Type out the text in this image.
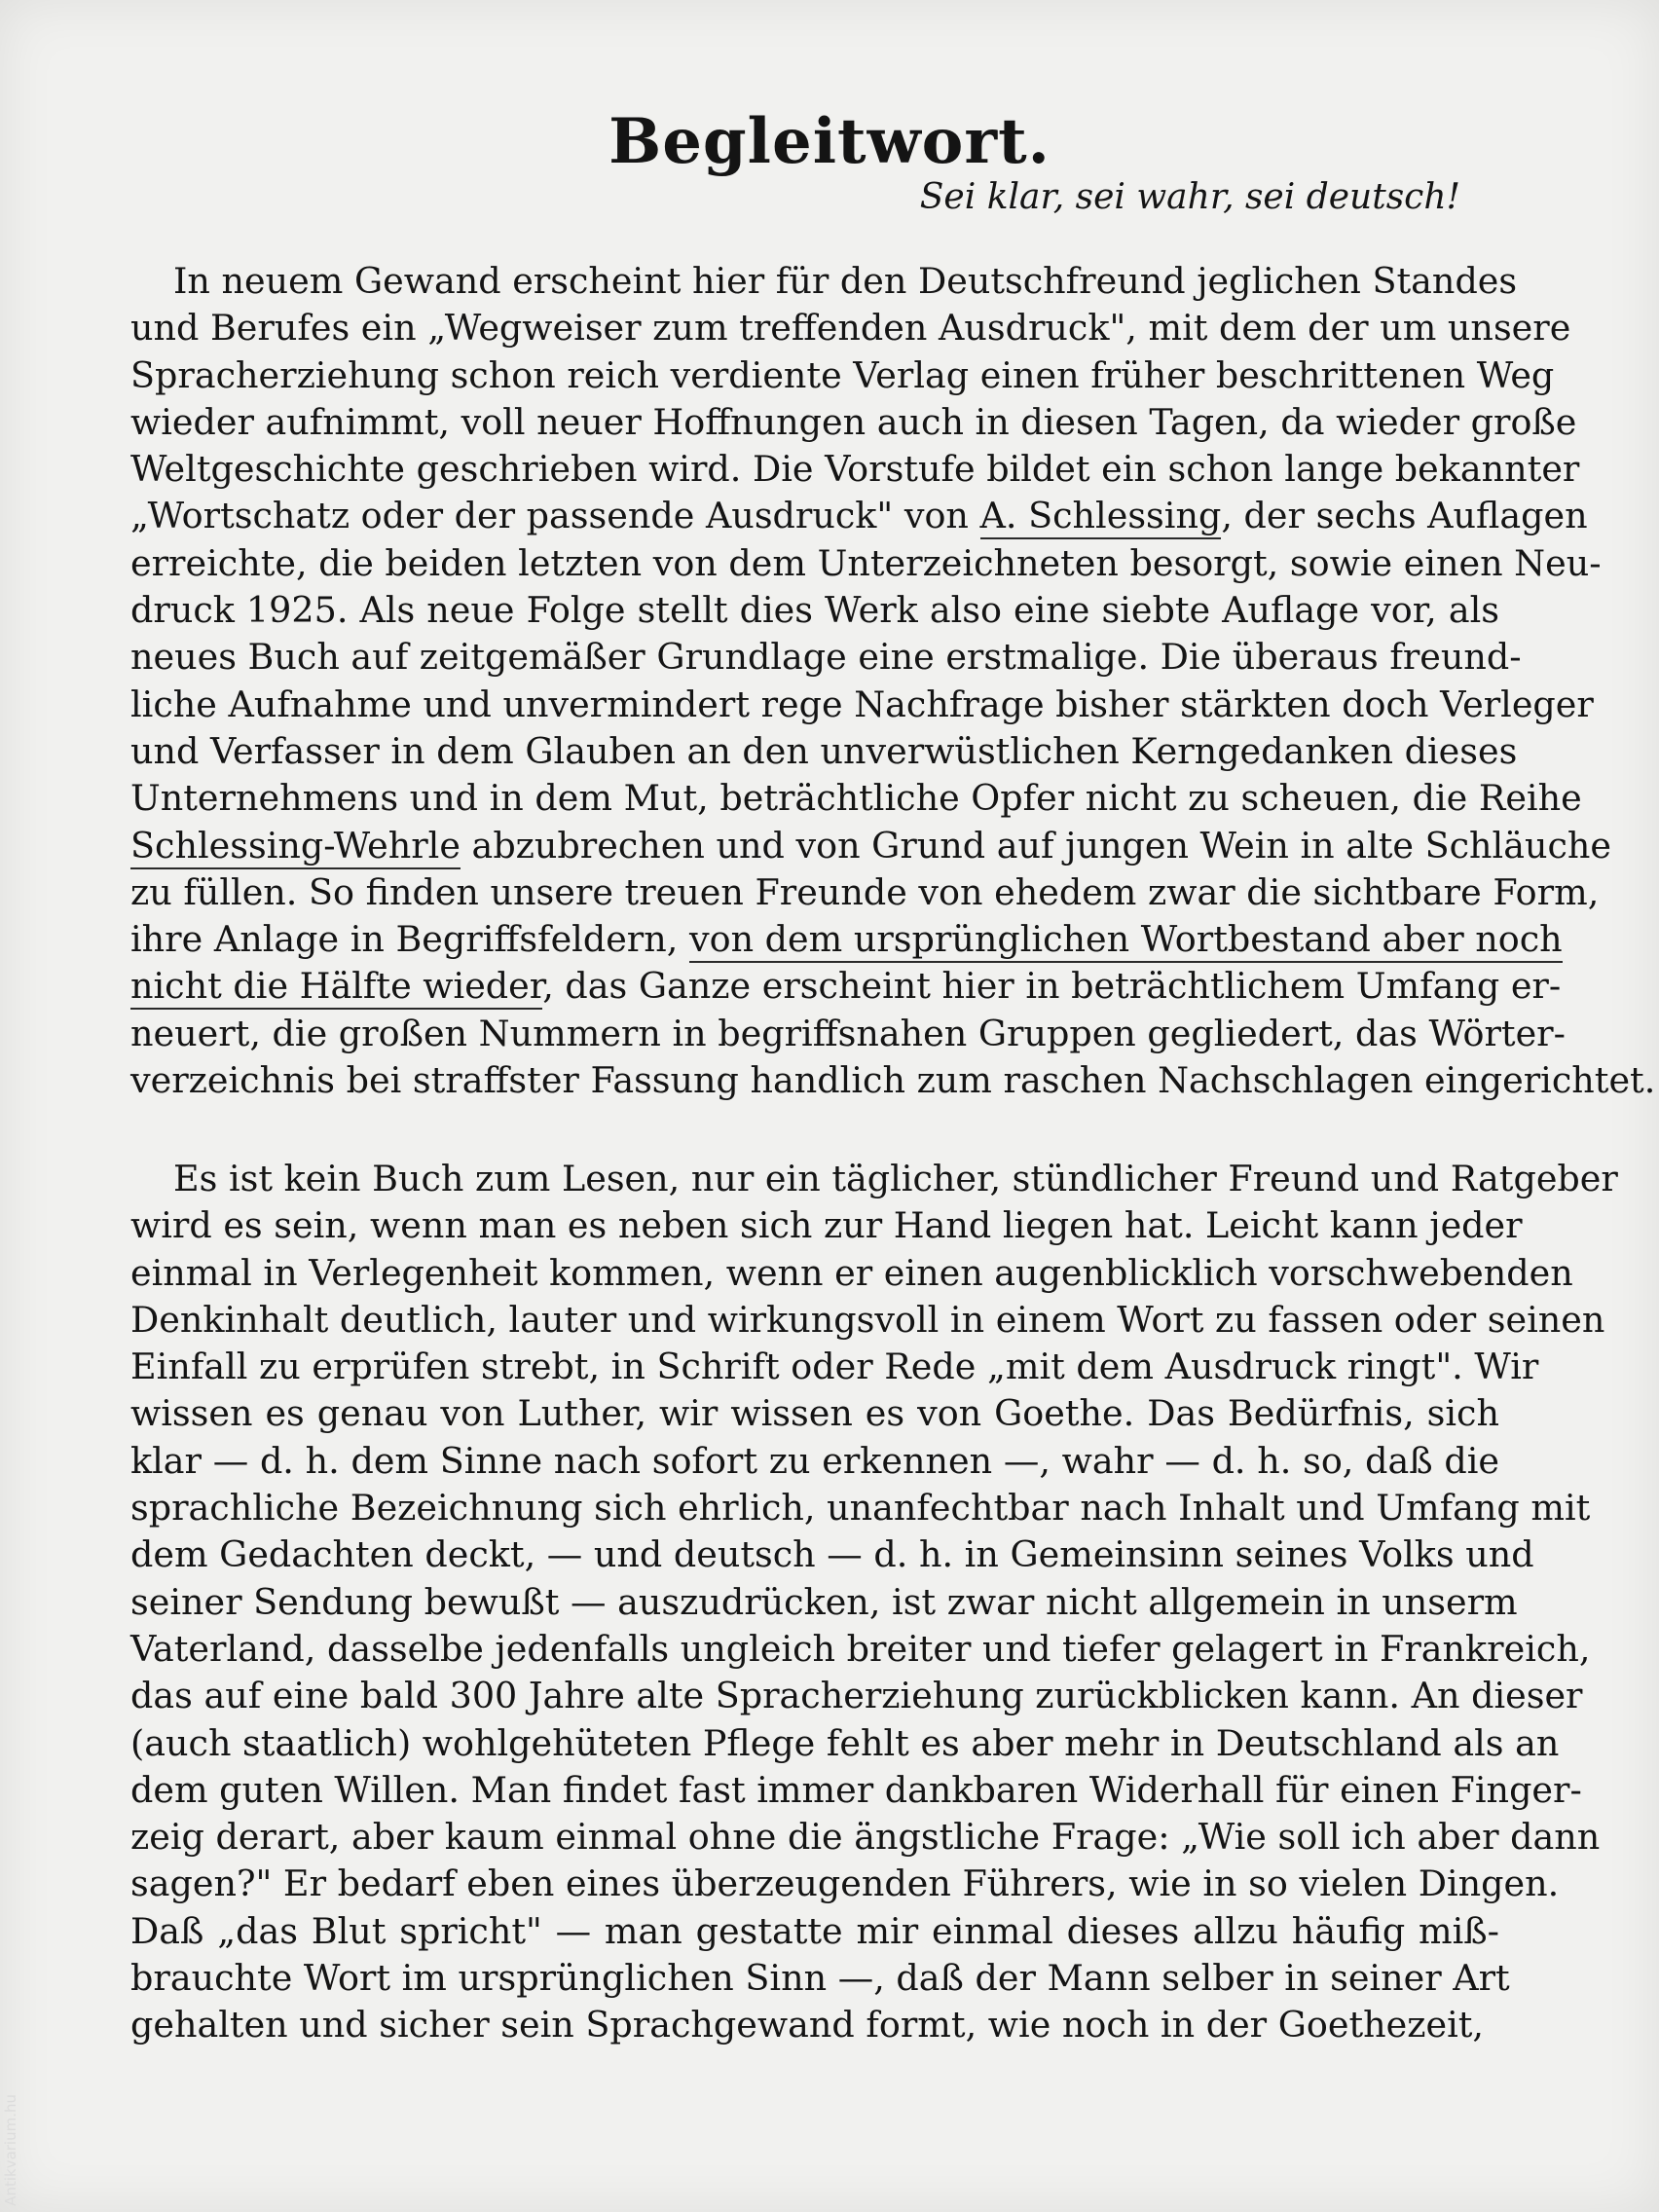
Begleitwort.
Sei klar, sei wahr, sei deutsch!
In neuem Gewand erscheint hier für den Deutschfreund jeglichen Standes
und Berufes ein „Wegweiser zum treffenden Ausdruck", mit dem der um unsere
Spracherziehung schon reich verdiente Verlag einen früher beschrittenen Weg
wieder aufnimmt, voll neuer Hoffnungen auch in diesen Tagen, da wieder große
Weltgeschichte geschrieben wird. Die Vorstufe bildet ein schon lange bekannter
„Wortschatz oder der passende Ausdruck" von A. Schlessing, der sechs Auflagen
erreichte, die beiden letzten von dem Unterzeichneten besorgt, sowie einen Neu-
druck 1925. Als neue Folge stellt dies Werk also eine siebte Auflage vor, als
neues Buch auf zeitgemäßer Grundlage eine erstmalige. Die überaus freund-
liche Aufnahme und unvermindert rege Nachfrage bisher stärkten doch Verleger
und Verfasser in dem Glauben an den unverwüstlichen Kerngedanken dieses
Unternehmens und in dem Mut, beträchtliche Opfer nicht zu scheuen, die Reihe
Schlessing-Wehrle abzubrechen und von Grund auf jungen Wein in alte Schläuche
zu füllen. So finden unsere treuen Freunde von ehedem zwar die sichtbare Form,
ihre Anlage in Begriffsfeldern, von dem ursprünglichen Wortbestand aber noch
nicht die Hälfte wieder, das Ganze erscheint hier in beträchtlichem Umfang er-
neuert, die großen Nummern in begriffsnahen Gruppen gegliedert, das Wörter-
verzeichnis bei straffster Fassung handlich zum raschen Nachschlagen eingerichtet.
Es ist kein Buch zum Lesen, nur ein täglicher, stündlicher Freund und Ratgeber
wird es sein, wenn man es neben sich zur Hand liegen hat. Leicht kann jeder
einmal in Verlegenheit kommen, wenn er einen augenblicklich vorschwebenden
Denkinhalt deutlich, lauter und wirkungsvoll in einem Wort zu fassen oder seinen
Einfall zu erprüfen strebt, in Schrift oder Rede „mit dem Ausdruck ringt". Wir
wissen es genau von Luther, wir wissen es von Goethe. Das Bedürfnis, sich
klar — d. h. dem Sinne nach sofort zu erkennen —, wahr — d. h. so, daß die
sprachliche Bezeichnung sich ehrlich, unanfechtbar nach Inhalt und Umfang mit
dem Gedachten deckt, — und deutsch — d. h. in Gemeinsinn seines Volks und
seiner Sendung bewußt — auszudrücken, ist zwar nicht allgemein in unserm
Vaterland, dasselbe jedenfalls ungleich breiter und tiefer gelagert in Frankreich,
das auf eine bald 300 Jahre alte Spracherziehung zurückblicken kann. An dieser
(auch staatlich) wohlgehüteten Pflege fehlt es aber mehr in Deutschland als an
dem guten Willen. Man findet fast immer dankbaren Widerhall für einen Finger-
zeig derart, aber kaum einmal ohne die ängstliche Frage: „Wie soll ich aber dann
sagen?" Er bedarf eben eines überzeugenden Führers, wie in so vielen Dingen.
Daß „das Blut spricht" — man gestatte mir einmal dieses allzu häufig miß-
brauchte Wort im ursprünglichen Sinn —, daß der Mann selber in seiner Art
gehalten und sicher sein Sprachgewand formt, wie noch in der Goethezeit,
Antikvarium.hu
